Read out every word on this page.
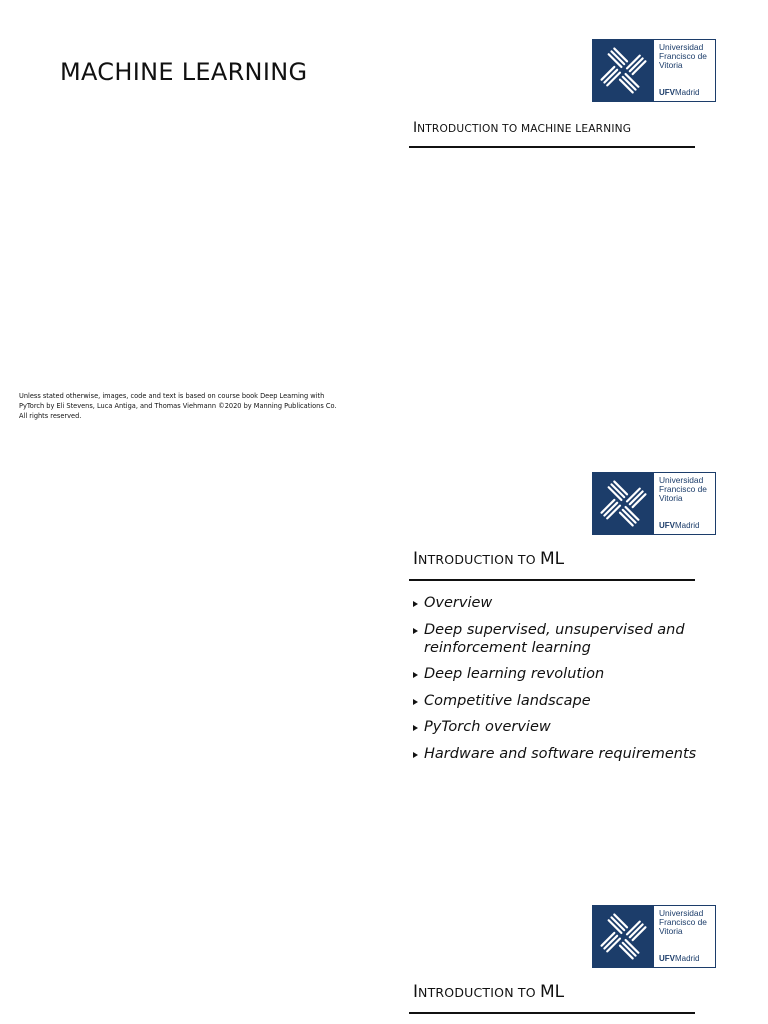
MACHINE LEARNING
Universidad
Francisco de
Vitoria
UFVMadrid
INTRODUCTION TO MACHINE LEARNING
Unless stated otherwise, images, code and text is based on course book Deep Learning with PyTorch by Eli Stevens, Luca Antiga, and Thomas Viehmann ©2020 by Manning Publications Co. All rights reserved.
Universidad
Francisco de
Vitoria
UFVMadrid
INTRODUCTION TO ML
Overview
Deep supervised, unsupervised and reinforcement learning
Deep learning revolution
Competitive landscape
PyTorch overview
Hardware and software requirements
Universidad
Francisco de
Vitoria
UFVMadrid
INTRODUCTION TO ML
